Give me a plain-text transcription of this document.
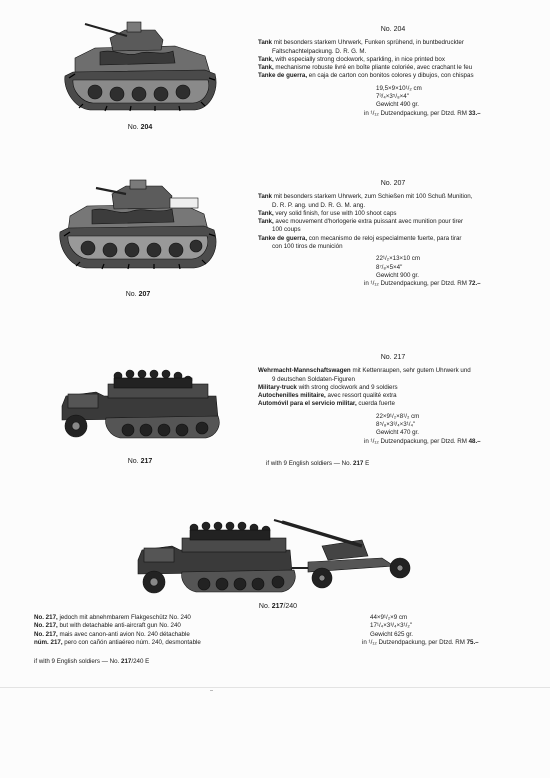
No. 204
No. 204
Tank mit besonders starkem Uhrwerk, Funken sprühend, in buntbedruckter
Faltschachtelpackung. D. R. G. M.
Tank, with especially strong clockwork, sparkling, in nice printed box
Tank, mechanisme robuste livré en boîte pliante coloriée, avec crachant le feu
Tanke de guerra, en caja de carton con bonitos colores y dibujos, con chispas
19,5×9×10¹/₂ cm
7³/₄×3⁵/₈×4"
Gewicht 490 gr.
in ¹/₁₂ Dutzendpackung, per Dtzd. RM 33.–
No. 207
No. 207
Tank mit besonders starkem Uhrwerk, zum Schießen mit 100 Schuß Munition,
D. R. P. ang. und D. R. G. M. ang.
Tank, very solid finish, for use with 100 shoot caps
Tank, avec mouvement d'horlogerie extra puissant avec munition pour tirer
100 coups
Tanke de guerra, con mecanismo de reloj especialmente fuerte, para tirar
con 100 tiros de munición
22¹/₂×13×10 cm
8⁷/₈×5×4"
Gewicht 900 gr.
in ¹/₁₂ Dutzendpackung, per Dtzd. RM 72.–
No. 217
No. 217
Wehrmacht-Mannschaftswagen mit Kettenraupen, sehr gutem Uhrwerk und
9 deutschen Soldaten-Figuren
Military-truck with strong clockwork and 9 soldiers
Autochenilles militaire, avec ressort qualité extra
Automóvil para el servicio militar, cuerda fuerte
22×9¹/₂×8¹/₂ cm
8⁵/₈×3³/₄×3¹/₄"
Gewicht 470 gr.
in ¹/₁₂ Dutzendpackung, per Dtzd. RM 48.–
if with 9 English soldiers — No. 217 E
No. 217/240
No. 217, jedoch mit abnehmbarem Flakgeschütz No. 240
No. 217, but with detachable anti-aircraft gun No. 240
No. 217, mais avec canon-anti avion No. 240 détachable
núm. 217, pero con cañón antiaéreo núm. 240, desmontable
if with 9 English soldiers — No. 217/240 E
44×9¹/₂×9 cm
17¹/₄×3³/₄×3¹/₂"
Gewicht 625 gr.
in ¹/₁₂ Dutzendpackung, per Dtzd. RM 75.–
